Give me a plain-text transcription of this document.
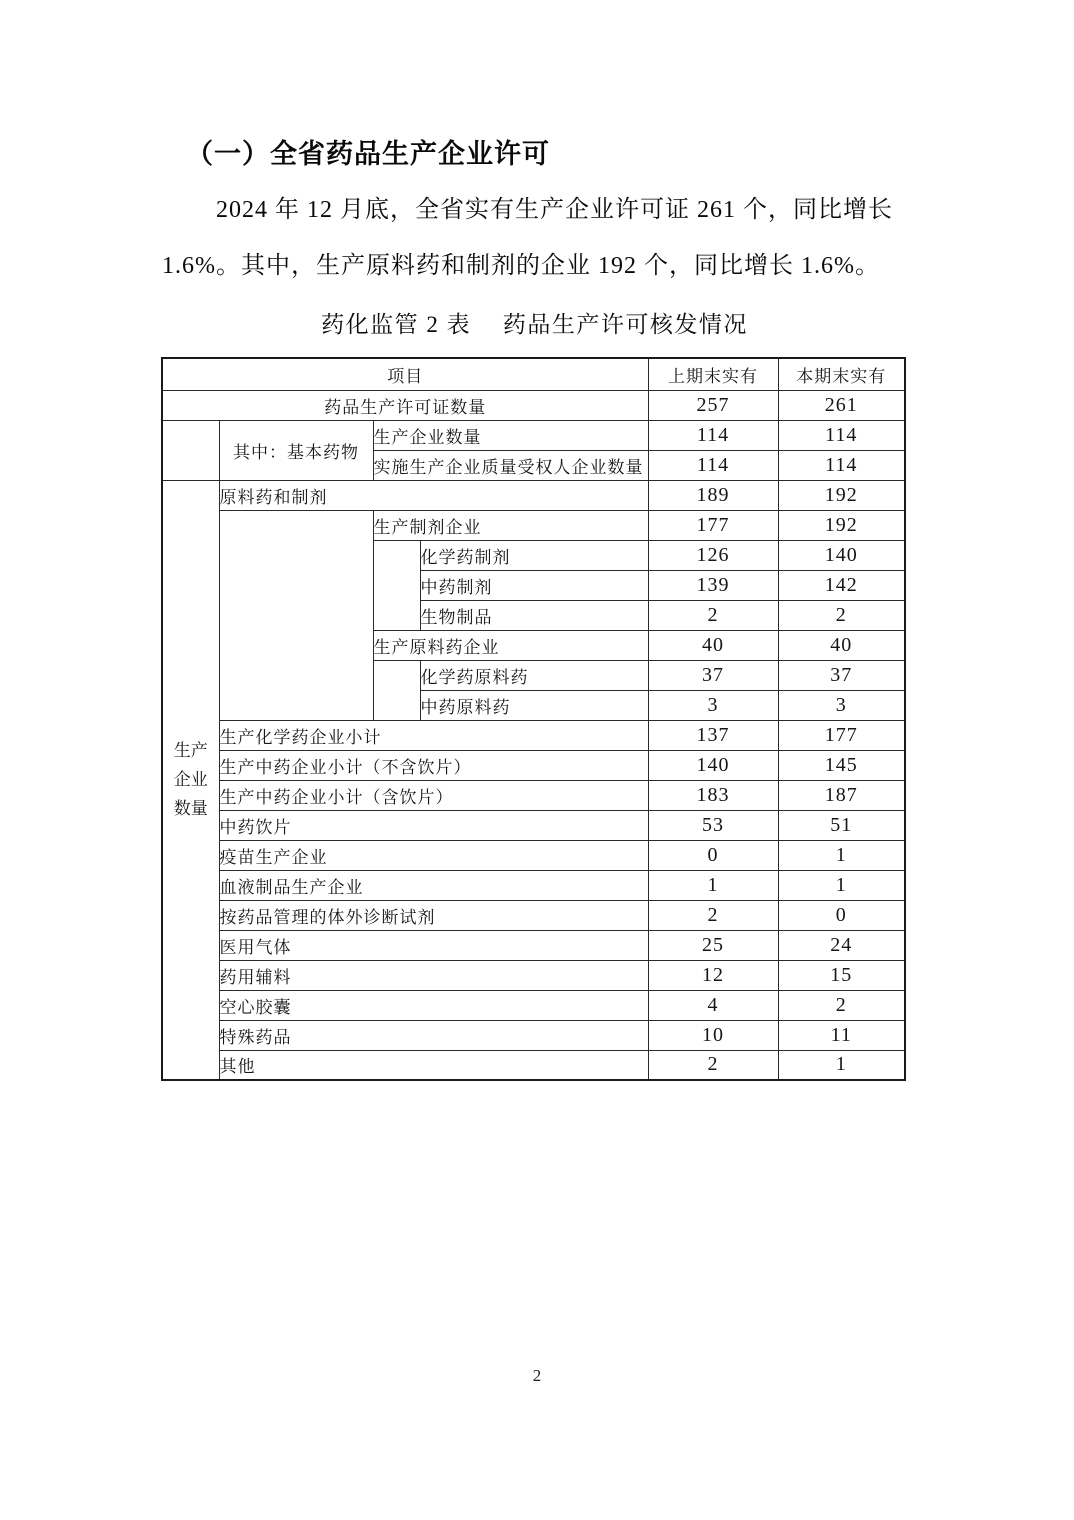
（一）全省药品生产企业许可
2024 年 12 月底，全省实有生产企业许可证 261 个，同比增长
1.6%。其中，生产原料药和制剂的企业 192 个，同比增长 1.6%。
药化监管 2 表　 药品生产许可核发情况
项目				上期末实有	本期末实有
药品生产许可证数量				257	261
	其中：基本药物	生产企业数量		114	114
		实施生产企业质量受权人企业数量		114	114

生产企业数量	原料药和制剂			189	192
		生产制剂企业		177	192
			化学药制剂	126	140
			中药制剂	139	142
			生物制品	2	2
		生产原料药企业		40	40
			化学药原料药	37	37
			中药原料药	3	3
	生产化学药企业小计			137	177
	生产中药企业小计（不含饮片）			140	145
	生产中药企业小计（含饮片）			183	187
	中药饮片			53	51
	疫苗生产企业			0	1
	血液制品生产企业			1	1
	按药品管理的体外诊断试剂			2	0
	医用气体			25	24
	药用辅料			12	15
	空心胶囊			4	2
	特殊药品			10	11
	其他			2	1
2
